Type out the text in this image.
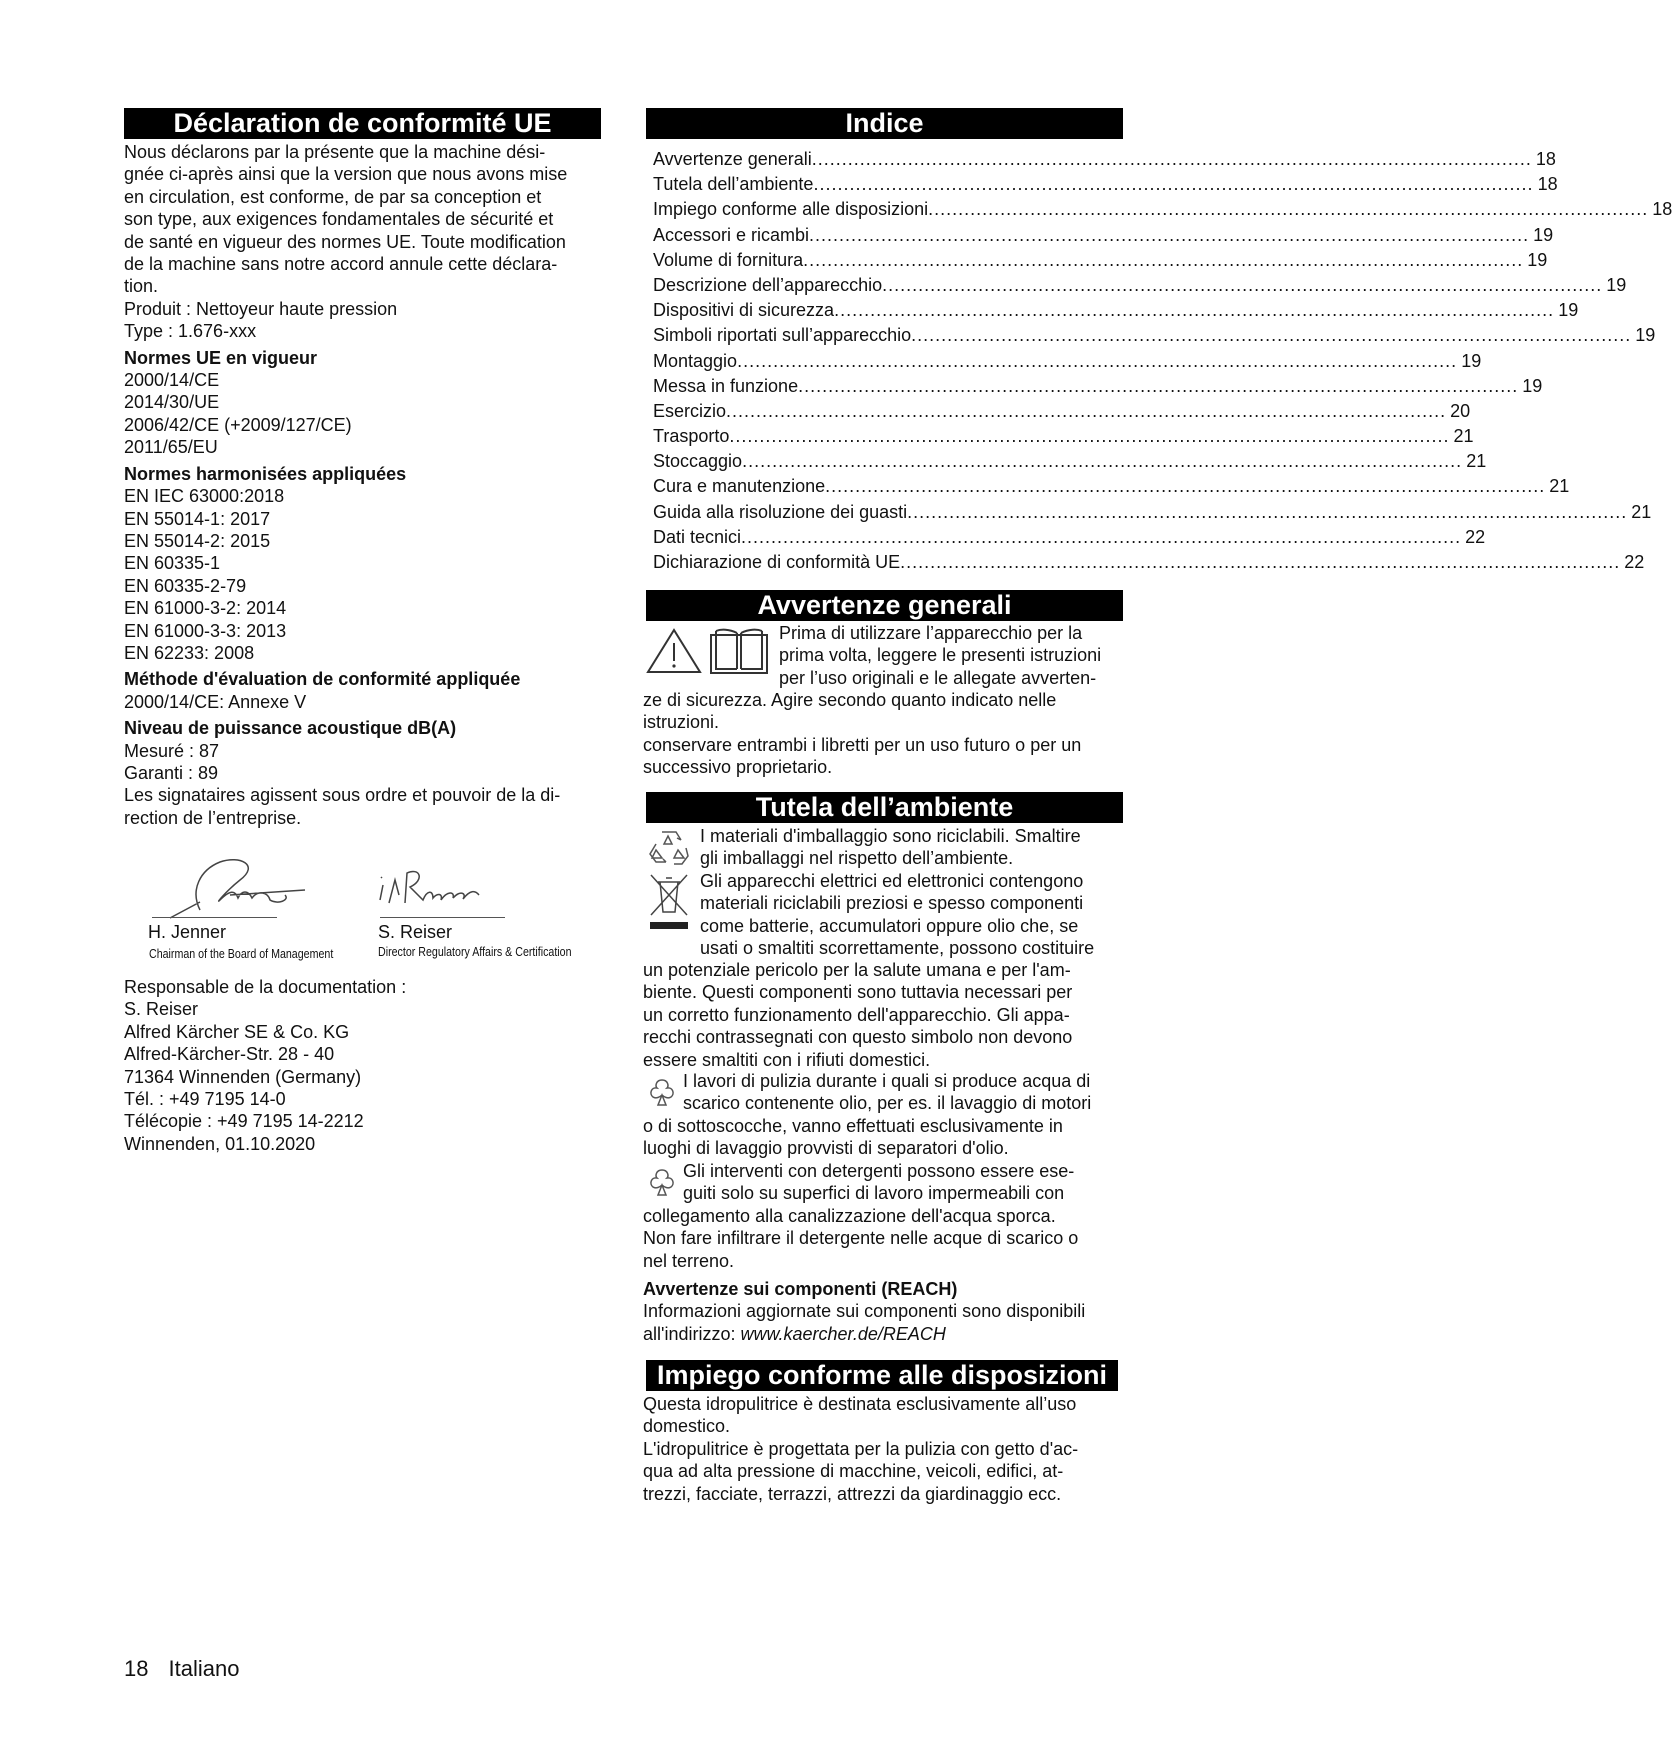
Déclaration de conformité UE
Nous déclarons par la présente que la machine dési-
gnée ci-après ainsi que la version que nous avons mise
en circulation, est conforme, de par sa conception et
son type, aux exigences fondamentales de sécurité et
de santé en vigueur des normes UE. Toute modification
de la machine sans notre accord annule cette déclara-
tion.
Produit : Nettoyeur haute pression
Type : 1.676-xxx
Normes UE en vigueur
2000/14/CE
2014/30/UE
2006/42/CE (+2009/127/CE)
2011/65/EU
Normes harmonisées appliquées
EN IEC 63000:2018
EN 55014-1: 2017
EN 55014-2: 2015
EN 60335-1
EN 60335-2-79
EN 61000-3-2: 2014
EN 61000-3-3: 2013
EN 62233: 2008
Méthode d'évaluation de conformité appliquée
2000/14/CE: Annexe V
Niveau de puissance acoustique dB(A)
Mesuré : 87
Garanti : 89
Les signataires agissent sous ordre et pouvoir de la di-
rection de l’entreprise.
H. Jenner
Chairman of the Board of Management
S. Reiser
Director Regulatory Affairs & Certification
Responsable de la documentation :
S. Reiser
Alfred Kärcher SE & Co. KG
Alfred-Kärcher-Str. 28 - 40
71364 Winnenden (Germany)
Tél. : +49 7195 14-0
Télécopie : +49 7195 14-2212
Winnenden, 01.10.2020
Indice
Avvertenze generali ........................................................................................................................ 18
Tutela dell’ambiente ........................................................................................................................ 18
Impiego conforme alle disposizioni ........................................................................................................................ 18
Accessori e ricambi ........................................................................................................................ 19
Volume di fornitura ........................................................................................................................ 19
Descrizione dell’apparecchio ........................................................................................................................ 19
Dispositivi di sicurezza ........................................................................................................................ 19
Simboli riportati sull’apparecchio ........................................................................................................................ 19
Montaggio ........................................................................................................................ 19
Messa in funzione ........................................................................................................................ 19
Esercizio ........................................................................................................................ 20
Trasporto ........................................................................................................................ 21
Stoccaggio ........................................................................................................................ 21
Cura e manutenzione ........................................................................................................................ 21
Guida alla risoluzione dei guasti ........................................................................................................................ 21
Dati tecnici ........................................................................................................................ 22
Dichiarazione di conformità UE ........................................................................................................................ 22
Avvertenze generali
Prima di utilizzare l’apparecchio per la
prima volta, leggere le presenti istruzioni
per l’uso originali e le allegate avverten-
ze di sicurezza. Agire secondo quanto indicato nelle
istruzioni.
conservare entrambi i libretti per un uso futuro o per un
successivo proprietario.
Tutela dell’ambiente
I materiali d'imballaggio sono riciclabili. Smaltire
gli imballaggi nel rispetto dell’ambiente.
Gli apparecchi elettrici ed elettronici contengono
materiali riciclabili preziosi e spesso componenti
come batterie, accumulatori oppure olio che, se
usati o smaltiti scorrettamente, possono costituire
un potenziale pericolo per la salute umana e per l'am-
biente. Questi componenti sono tuttavia necessari per
un corretto funzionamento dell'apparecchio. Gli appa-
recchi contrassegnati con questo simbolo non devono
essere smaltiti con i rifiuti domestici.
I lavori di pulizia durante i quali si produce acqua di
scarico contenente olio, per es. il lavaggio di motori
o di sottoscocche, vanno effettuati esclusivamente in
luoghi di lavaggio provvisti di separatori d'olio.
Gli interventi con detergenti possono essere ese-
guiti solo su superfici di lavoro impermeabili con
collegamento alla canalizzazione dell'acqua sporca.
Non fare infiltrare il detergente nelle acque di scarico o
nel terreno.
Avvertenze sui componenti (REACH)
Informazioni aggiornate sui componenti sono disponibili
all'indirizzo: www.kaercher.de/REACH
Impiego conforme alle disposizioni
Questa idropulitrice è destinata esclusivamente all’uso
domestico.
L'idropulitrice è progettata per la pulizia con getto d'ac-
qua ad alta pressione di macchine, veicoli, edifici, at-
trezzi, facciate, terrazzi, attrezzi da giardinaggio ecc.
18 Italiano
